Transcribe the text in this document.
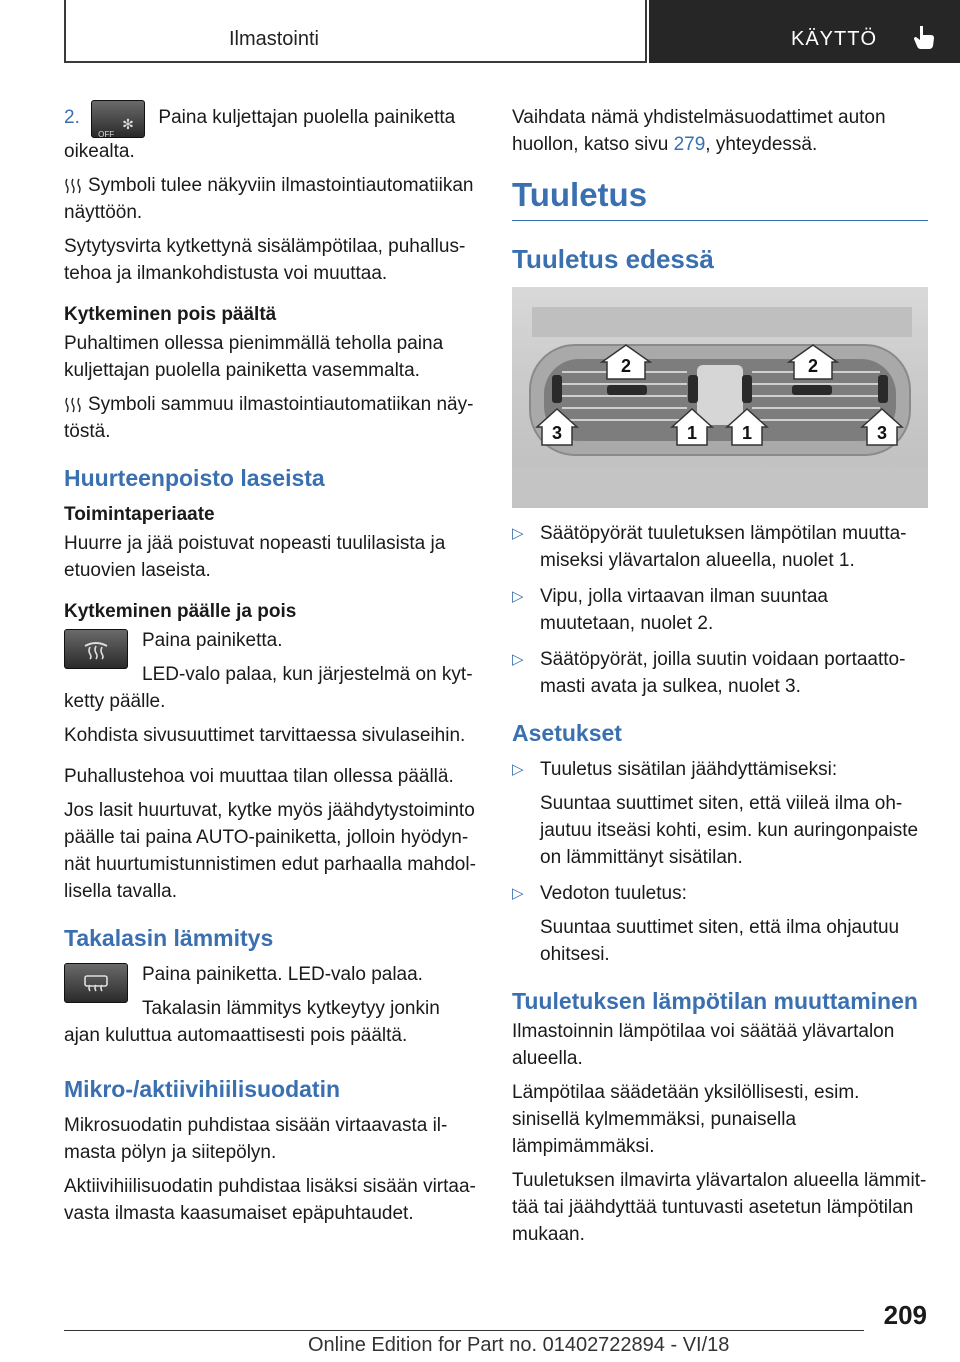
Ilmastointi	KÄYTTÖ

2.
OFF
✻ Paina kuljettajan puolella painiketta oikealta.

Symboli tulee näkyviin ilmastointiautomatiikan näyttöön.

Sytytysvirta kytkettynä sisälämpötilaa, puhallustehoa ja ilmankohdistusta voi muuttaa.

Kytkeminen pois päältä

Puhaltimen ollessa pienimmällä teholla paina kuljettajan puolella painiketta vasemmalta.

Symboli sammuu ilmastointiautomatiikan näytöstä.

Huurteenpoisto laseista
Toimintaperiaate

Huurre ja jää poistuvat nopeasti tuulilasista ja etuovien laseista.

Kytkeminen päälle ja pois

Paina painiketta.

LED-valo palaa, kun järjestelmä on kytketty päälle.

Kohdista sivusuuttimet tarvittaessa sivulaseihin.

Puhallustehoa voi muuttaa tilan ollessa päällä.

Jos lasit huurtuvat, kytke myös jäähdytystoiminto päälle tai paina AUTO-painiketta, jolloin hyödynnät huurtumistunnistimen edut parhaalla mahdollisella tavalla.

Takalasin lämmitys

Paina painiketta. LED-valo palaa.

Takalasin lämmitys kytkeytyy jonkin ajan kuluttua automaattisesti pois päältä.

Mikro-/aktiivihiilisuodatin

Mikrosuodatin puhdistaa sisään virtaavasta ilmasta pölyn ja siitepölyn.

Aktiivihiilisuodatin puhdistaa lisäksi sisään virtaavasta ilmasta kaasumaiset epäpuhtaudet.

Vaihdata nämä yhdistelmäsuodattimet auton huollon, katso sivu 279, yhteydessä.

Tuuletus
Tuuletus edessä
2	2
3	1 1	3
▷ Säätöpyörät tuuletuksen lämpötilan muuttamiseksi ylävartalon alueella, nuolet 1.
▷ Vipu, jolla virtaavan ilman suuntaa muutetaan, nuolet 2.
▷ Säätöpyörät, joilla suutin voidaan portaattomasti avata ja sulkea, nuolet 3.
Asetukset
▷ Tuuletus sisätilan jäähdyttämiseksi:
Suuntaa suuttimet siten, että viileä ilma ohjautuu itseäsi kohti, esim. kun auringonpaiste on lämmittänyt sisätilan.
▷ Vedoton tuuletus:
Suuntaa suuttimet siten, että ilma ohjautuu ohitsesi.
Tuuletuksen lämpötilan muuttaminen

Ilmastoinnin lämpötilaa voi säätää ylävartalon alueella.

Lämpötilaa säädetään yksilöllisesti, esim. sinisellä kylmemmäksi, punaisella lämpimämmäksi.

Tuuletuksen ilmavirta ylävartalon alueella lämmittää tai jäähdyttää tuntuvasti asetetun lämpötilan mukaan.

209
Online Edition for Part no. 01402722894 - VI/18
